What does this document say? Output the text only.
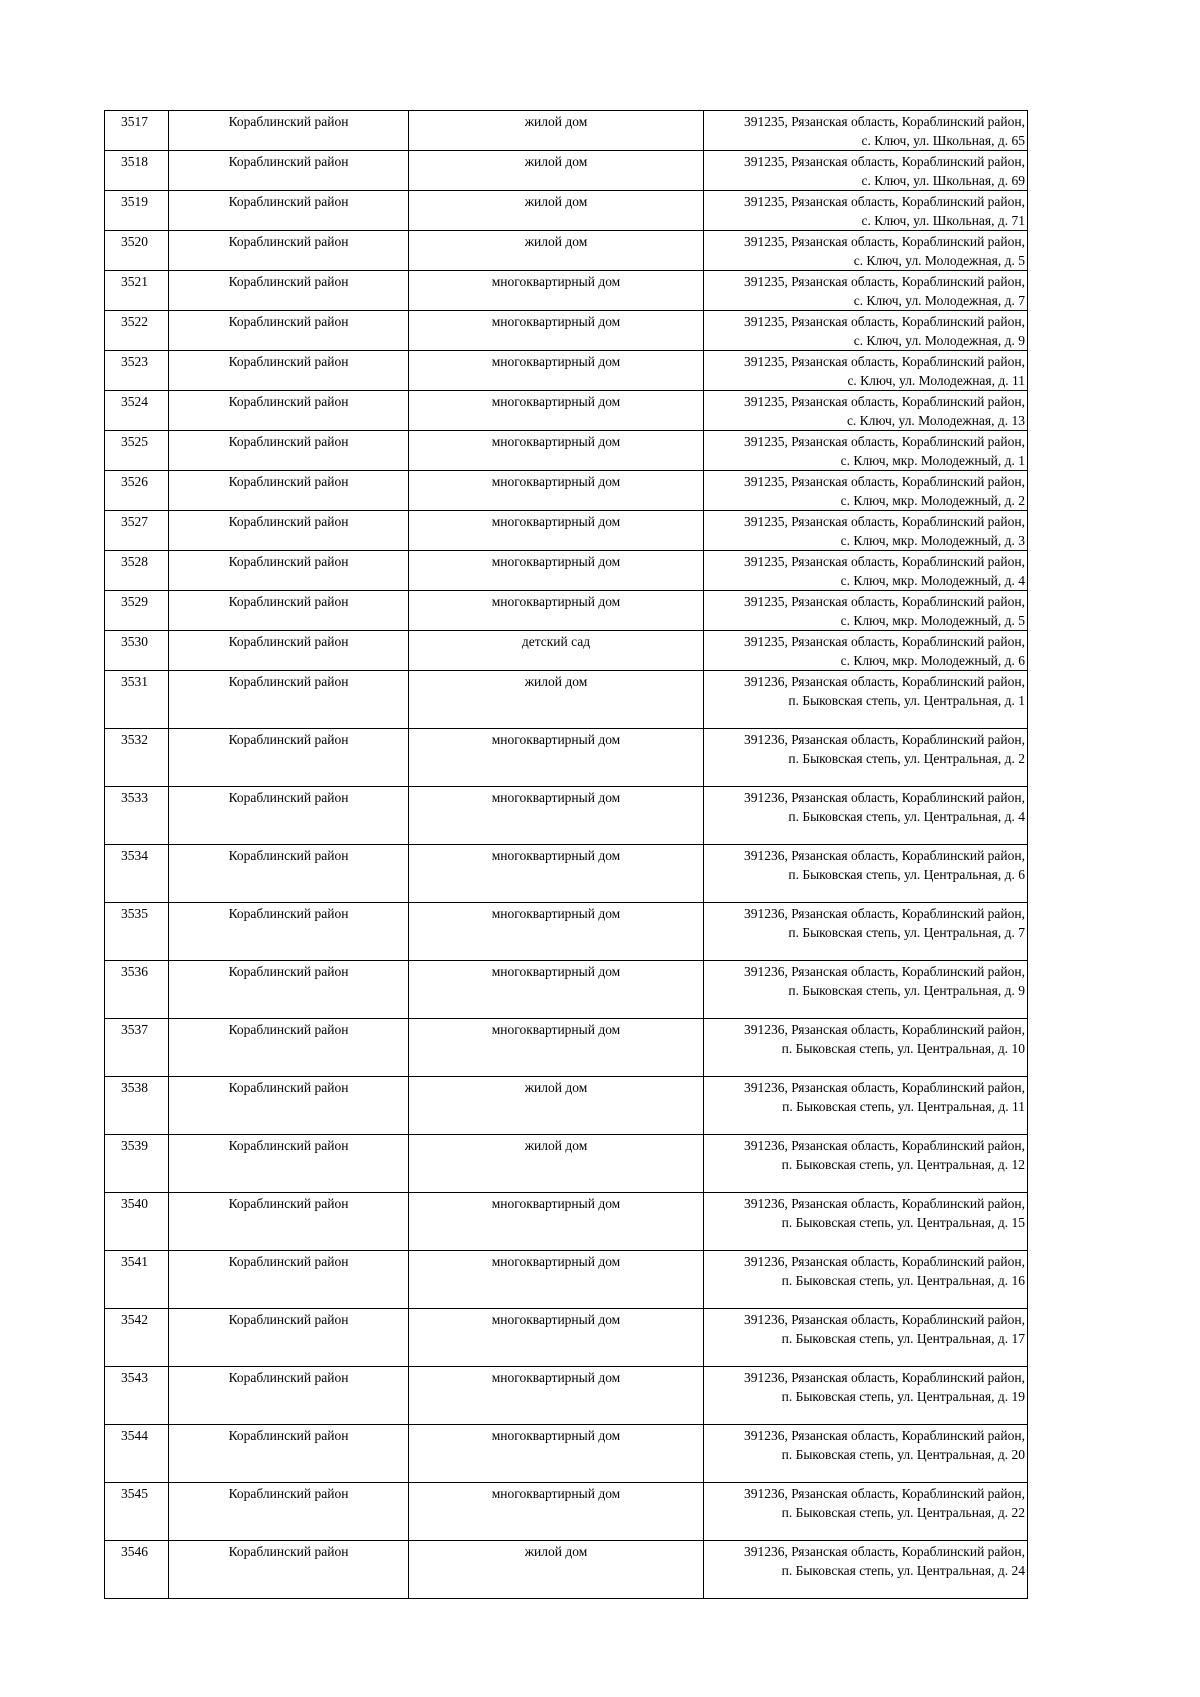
3517	Кораблинский район	жилой дом	391235, Рязанская область, Кораблинский район,
с. Ключ, ул. Школьная, д. 65

3518	Кораблинский район	жилой дом	391235, Рязанская область, Кораблинский район,
с. Ключ, ул. Школьная, д. 69

3519	Кораблинский район	жилой дом	391235, Рязанская область, Кораблинский район,
с. Ключ, ул. Школьная, д. 71

3520	Кораблинский район	жилой дом	391235, Рязанская область, Кораблинский район,
с. Ключ, ул. Молодежная, д. 5

3521	Кораблинский район	многоквартирный дом	391235, Рязанская область, Кораблинский район,
с. Ключ, ул. Молодежная, д. 7

3522	Кораблинский район	многоквартирный дом	391235, Рязанская область, Кораблинский район,
с. Ключ, ул. Молодежная, д. 9

3523	Кораблинский район	многоквартирный дом	391235, Рязанская область, Кораблинский район,
с. Ключ, ул. Молодежная, д. 11

3524	Кораблинский район	многоквартирный дом	391235, Рязанская область, Кораблинский район,
с. Ключ, ул. Молодежная, д. 13

3525	Кораблинский район	многоквартирный дом	391235, Рязанская область, Кораблинский район,
с. Ключ, мкр. Молодежный, д. 1

3526	Кораблинский район	многоквартирный дом	391235, Рязанская область, Кораблинский район,
с. Ключ, мкр. Молодежный, д. 2

3527	Кораблинский район	многоквартирный дом	391235, Рязанская область, Кораблинский район,
с. Ключ, мкр. Молодежный, д. 3

3528	Кораблинский район	многоквартирный дом	391235, Рязанская область, Кораблинский район,
с. Ключ, мкр. Молодежный, д. 4

3529	Кораблинский район	многоквартирный дом	391235, Рязанская область, Кораблинский район,
с. Ключ, мкр. Молодежный, д. 5

3530	Кораблинский район	детский сад	391235, Рязанская область, Кораблинский район,
с. Ключ, мкр. Молодежный, д. 6

3531	Кораблинский район	жилой дом	391236, Рязанская область, Кораблинский район,
п. Быковская степь, ул. Центральная, д. 1

3532	Кораблинский район	многоквартирный дом	391236, Рязанская область, Кораблинский район,
п. Быковская степь, ул. Центральная, д. 2

3533	Кораблинский район	многоквартирный дом	391236, Рязанская область, Кораблинский район,
п. Быковская степь, ул. Центральная, д. 4

3534	Кораблинский район	многоквартирный дом	391236, Рязанская область, Кораблинский район,
п. Быковская степь, ул. Центральная, д. 6

3535	Кораблинский район	многоквартирный дом	391236, Рязанская область, Кораблинский район,
п. Быковская степь, ул. Центральная, д. 7

3536	Кораблинский район	многоквартирный дом	391236, Рязанская область, Кораблинский район,
п. Быковская степь, ул. Центральная, д. 9

3537	Кораблинский район	многоквартирный дом	391236, Рязанская область, Кораблинский район,
п. Быковская степь, ул. Центральная, д. 10

3538	Кораблинский район	жилой дом	391236, Рязанская область, Кораблинский район,
п. Быковская степь, ул. Центральная, д. 11

3539	Кораблинский район	жилой дом	391236, Рязанская область, Кораблинский район,
п. Быковская степь, ул. Центральная, д. 12

3540	Кораблинский район	многоквартирный дом	391236, Рязанская область, Кораблинский район,
п. Быковская степь, ул. Центральная, д. 15

3541	Кораблинский район	многоквартирный дом	391236, Рязанская область, Кораблинский район,
п. Быковская степь, ул. Центральная, д. 16

3542	Кораблинский район	многоквартирный дом	391236, Рязанская область, Кораблинский район,
п. Быковская степь, ул. Центральная, д. 17

3543	Кораблинский район	многоквартирный дом	391236, Рязанская область, Кораблинский район,
п. Быковская степь, ул. Центральная, д. 19

3544	Кораблинский район	многоквартирный дом	391236, Рязанская область, Кораблинский район,
п. Быковская степь, ул. Центральная, д. 20

3545	Кораблинский район	многоквартирный дом	391236, Рязанская область, Кораблинский район,
п. Быковская степь, ул. Центральная, д. 22

3546	Кораблинский район	жилой дом	391236, Рязанская область, Кораблинский район,
п. Быковская степь, ул. Центральная, д. 24
